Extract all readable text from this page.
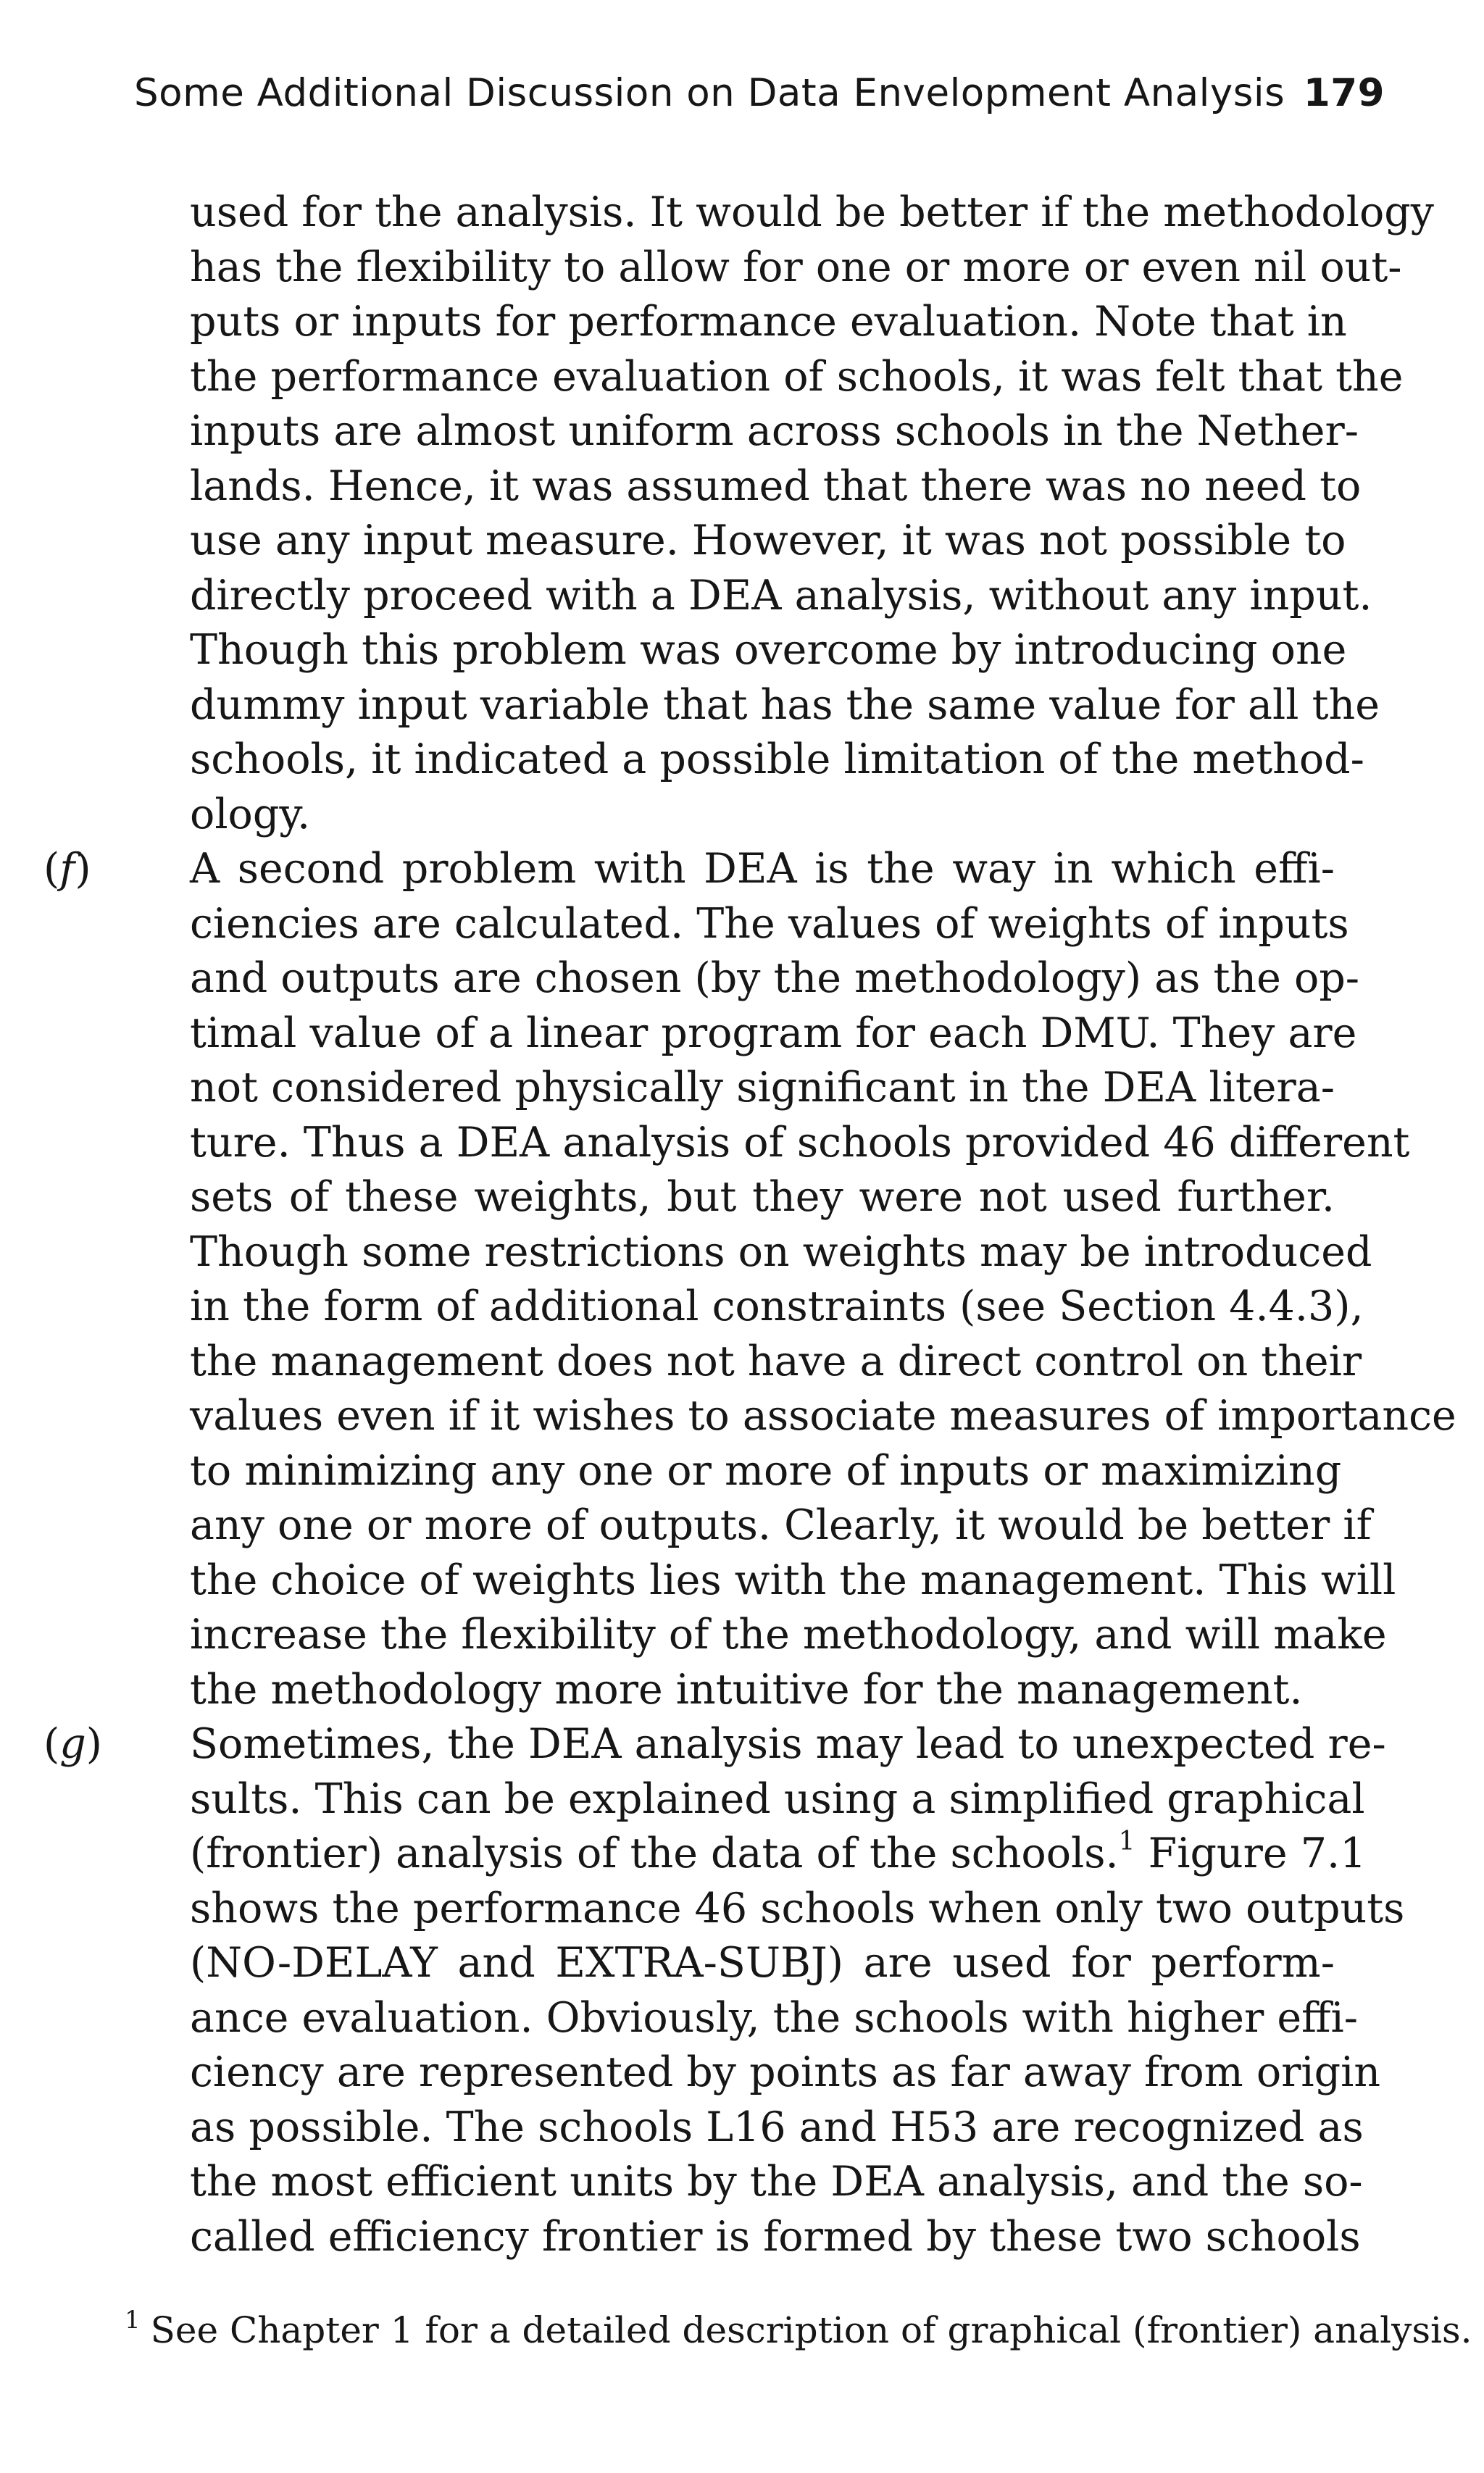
Some Additional Discussion on Data Envelopment Analysis 179
used for the analysis. It would be better if the methodology
has the flexibility to allow for one or more or even nil out-
puts or inputs for performance evaluation. Note that in
the performance evaluation of schools, it was felt that the
inputs are almost uniform across schools in the Nether-
lands. Hence, it was assumed that there was no need to
use any input measure. However, it was not possible to
directly proceed with a DEA analysis, without any input.
Though this problem was overcome by introducing one
dummy input variable that has the same value for all the
schools, it indicated a possible limitation of the method-
ology.
(f) A second problem with DEA is the way in which effi-
ciencies are calculated. The values of weights of inputs
and outputs are chosen (by the methodology) as the op-
timal value of a linear program for each DMU. They are
not considered physically significant in the DEA litera-
ture. Thus a DEA analysis of schools provided 46 different
sets of these weights, but they were not used further.
Though some restrictions on weights may be introduced
in the form of additional constraints (see Section 4.4.3),
the management does not have a direct control on their
values even if it wishes to associate measures of importance
to minimizing any one or more of inputs or maximizing
any one or more of outputs. Clearly, it would be better if
the choice of weights lies with the management. This will
increase the flexibility of the methodology, and will make
the methodology more intuitive for the management.
(g) Sometimes, the DEA analysis may lead to unexpected re-
sults. This can be explained using a simplified graphical
(frontier) analysis of the data of the schools.$^1$ Figure 7.1
shows the performance 46 schools when only two outputs
(NO-DELAY and EXTRA-SUBJ) are used for perform-
ance evaluation. Obviously, the schools with higher effi-
ciency are represented by points as far away from origin
as possible. The schools L16 and H53 are recognized as
the most efficient units by the DEA analysis, and the so-
called efficiency frontier is formed by these two schools
$^1$ See Chapter 1 for a detailed description of graphical (frontier) analysis.
